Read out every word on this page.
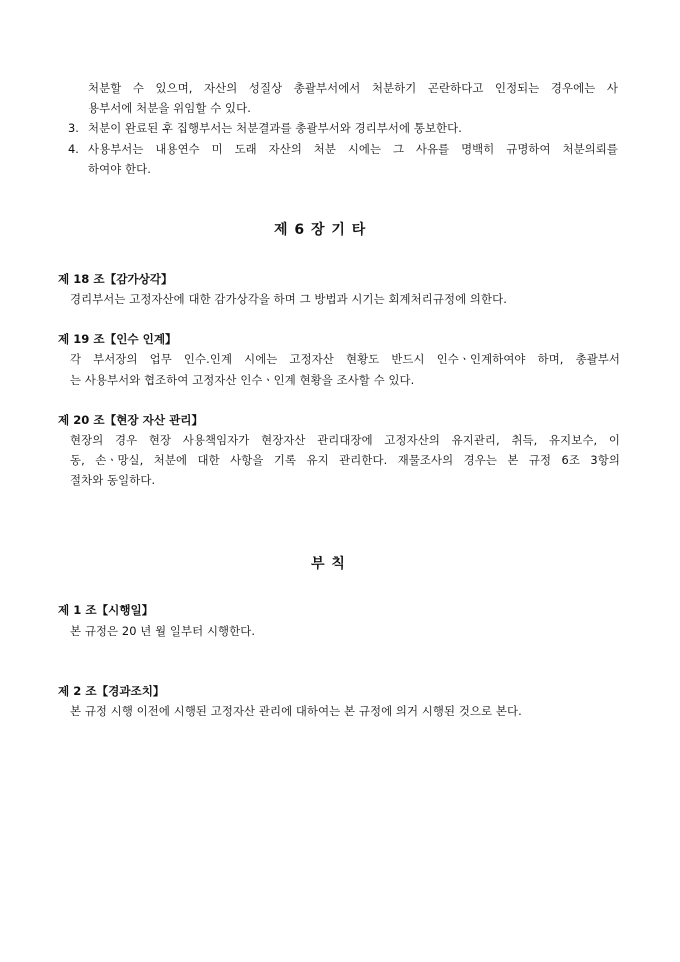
처분할 수 있으며, 자산의 성질상 총괄부서에서 처분하기 곤란하다고 인정되는 경우에는 사
용부서에 처분을 위임할 수 있다.
3. 처분이 완료된 후 집행부서는 처분결과를 총괄부서와 경리부서에 통보한다.
4. 사용부서는 내용연수 미 도래 자산의 처분 시에는 그 사유를 명백히 규명하여 처분의뢰를
하여야 한다.
제 6 장 기 타
제 18 조【감가상각】
경리부서는 고정자산에 대한 감가상각을 하며 그 방법과 시기는 회계처리규정에 의한다.
제 19 조【인수 인계】
각 부서장의 업무 인수.인계 시에는 고정자산 현황도 반드시 인수ㆍ인계하여야 하며, 총괄부서
는 사용부서와 협조하여 고정자산 인수ㆍ인계 현황을 조사할 수 있다.
제 20 조【현장 자산 관리】
현장의 경우 현장 사용책임자가 현장자산 관리대장에 고정자산의 유지관리, 취득, 유지보수, 이
동, 손ㆍ망실, 처분에 대한 사항을 기록 유지 관리한다. 재물조사의 경우는 본 규정 6조 3항의
절차와 동일하다.
부 칙
제 1 조【시행일】
본 규정은 20 년 월 일부터 시행한다.
제 2 조【경과조치】
본 규정 시행 이전에 시행된 고정자산 관리에 대하여는 본 규정에 의거 시행된 것으로 본다.
